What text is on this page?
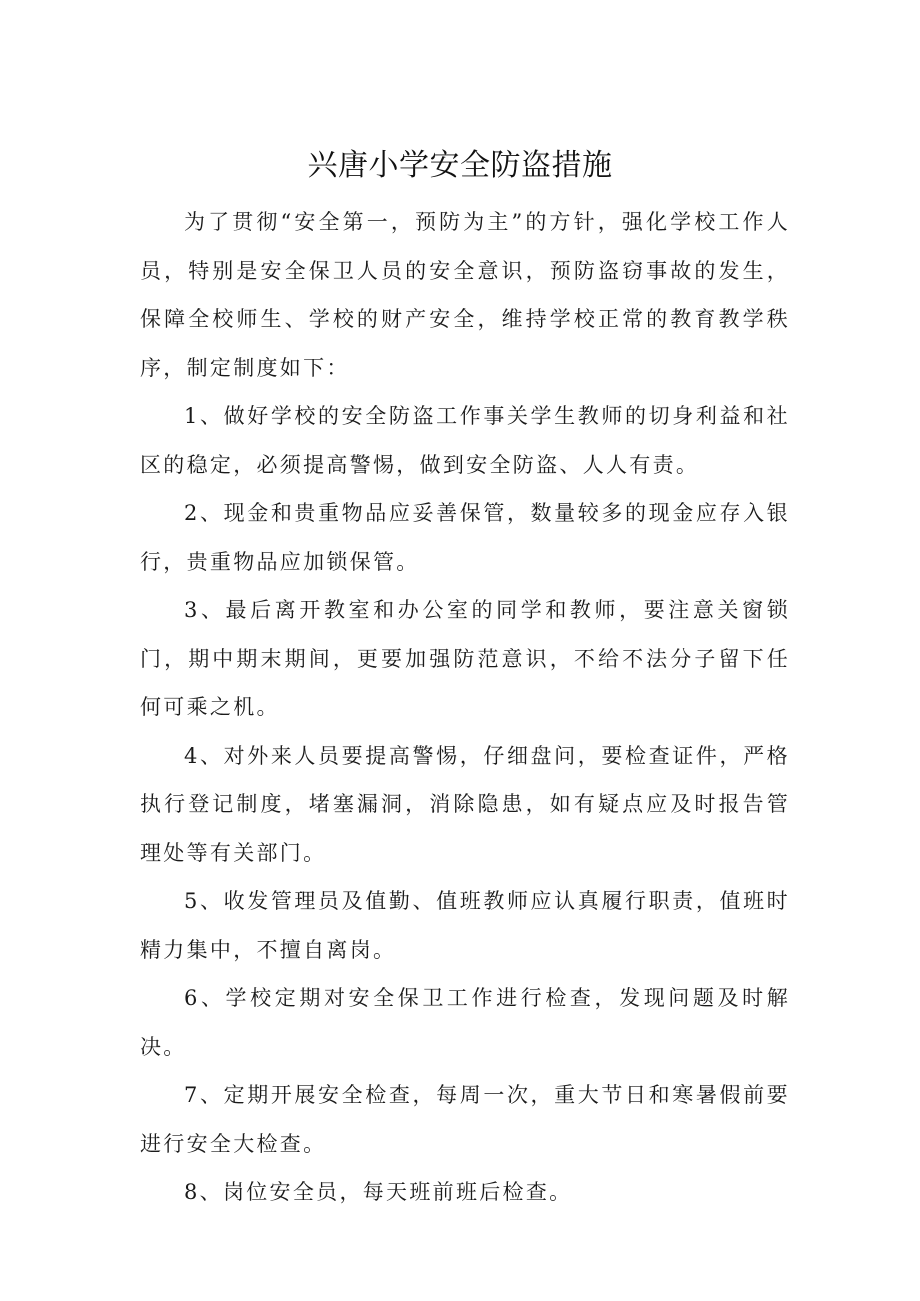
兴唐小学安全防盗措施

为了贯彻“安全第一，预防为主”的方针，强化学校工作人员，特别是安全保卫人员的安全意识，预防盗窃事故的发生，保障全校师生、学校的财产安全，维持学校正常的教育教学秩序，制定制度如下：

1、做好学校的安全防盗工作事关学生教师的切身利益和社区的稳定，必须提高警惕，做到安全防盗、人人有责。

2、现金和贵重物品应妥善保管，数量较多的现金应存入银行，贵重物品应加锁保管。

3、最后离开教室和办公室的同学和教师，要注意关窗锁门，期中期末期间，更要加强防范意识，不给不法分子留下任何可乘之机。

4、对外来人员要提高警惕，仔细盘问，要检查证件，严格执行登记制度，堵塞漏洞，消除隐患，如有疑点应及时报告管理处等有关部门。

5、收发管理员及值勤、值班教师应认真履行职责，值班时精力集中，不擅自离岗。

6、学校定期对安全保卫工作进行检查，发现问题及时解决。

7、定期开展安全检查，每周一次，重大节日和寒暑假前要进行安全大检查。

8、岗位安全员，每天班前班后检查。
